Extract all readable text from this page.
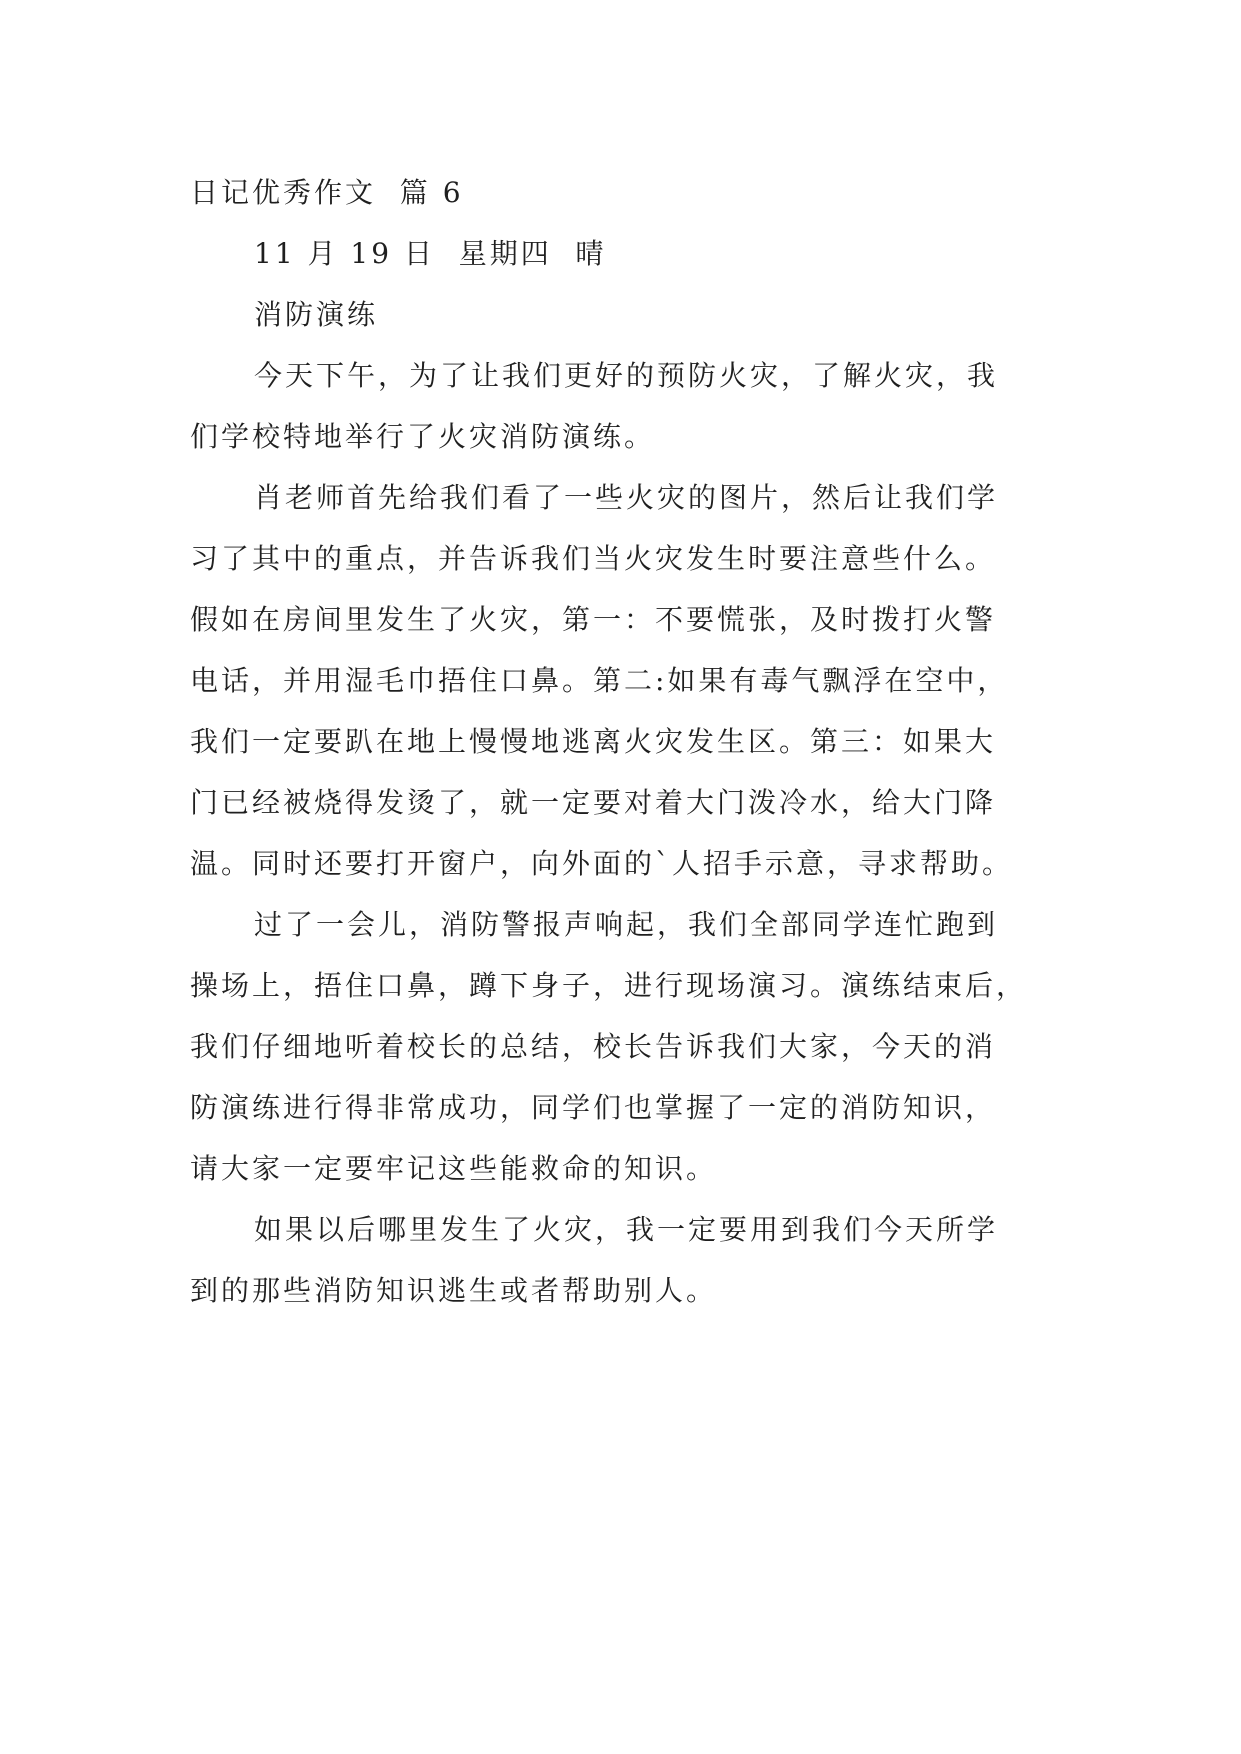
日记优秀作文  篇 6

11 月 19 日  星期四  晴

消防演练

今天下午，为了让我们更好的预防火灾，了解火灾，我

们学校特地举行了火灾消防演练。

肖老师首先给我们看了一些火灾的图片，然后让我们学

习了其中的重点，并告诉我们当火灾发生时要注意些什么。

假如在房间里发生了火灾，第一：不要慌张，及时拨打火警

电话，并用湿毛巾捂住口鼻。第二:如果有毒气飘浮在空中，

我们一定要趴在地上慢慢地逃离火灾发生区。第三：如果大

门已经被烧得发烫了，就一定要对着大门泼冷水，给大门降

温。同时还要打开窗户，向外面的`人招手示意，寻求帮助。

过了一会儿，消防警报声响起，我们全部同学连忙跑到

操场上，捂住口鼻，蹲下身子，进行现场演习。演练结束后，

我们仔细地听着校长的总结，校长告诉我们大家，今天的消

防演练进行得非常成功，同学们也掌握了一定的消防知识，

请大家一定要牢记这些能救命的知识。

如果以后哪里发生了火灾，我一定要用到我们今天所学

到的那些消防知识逃生或者帮助别人。
